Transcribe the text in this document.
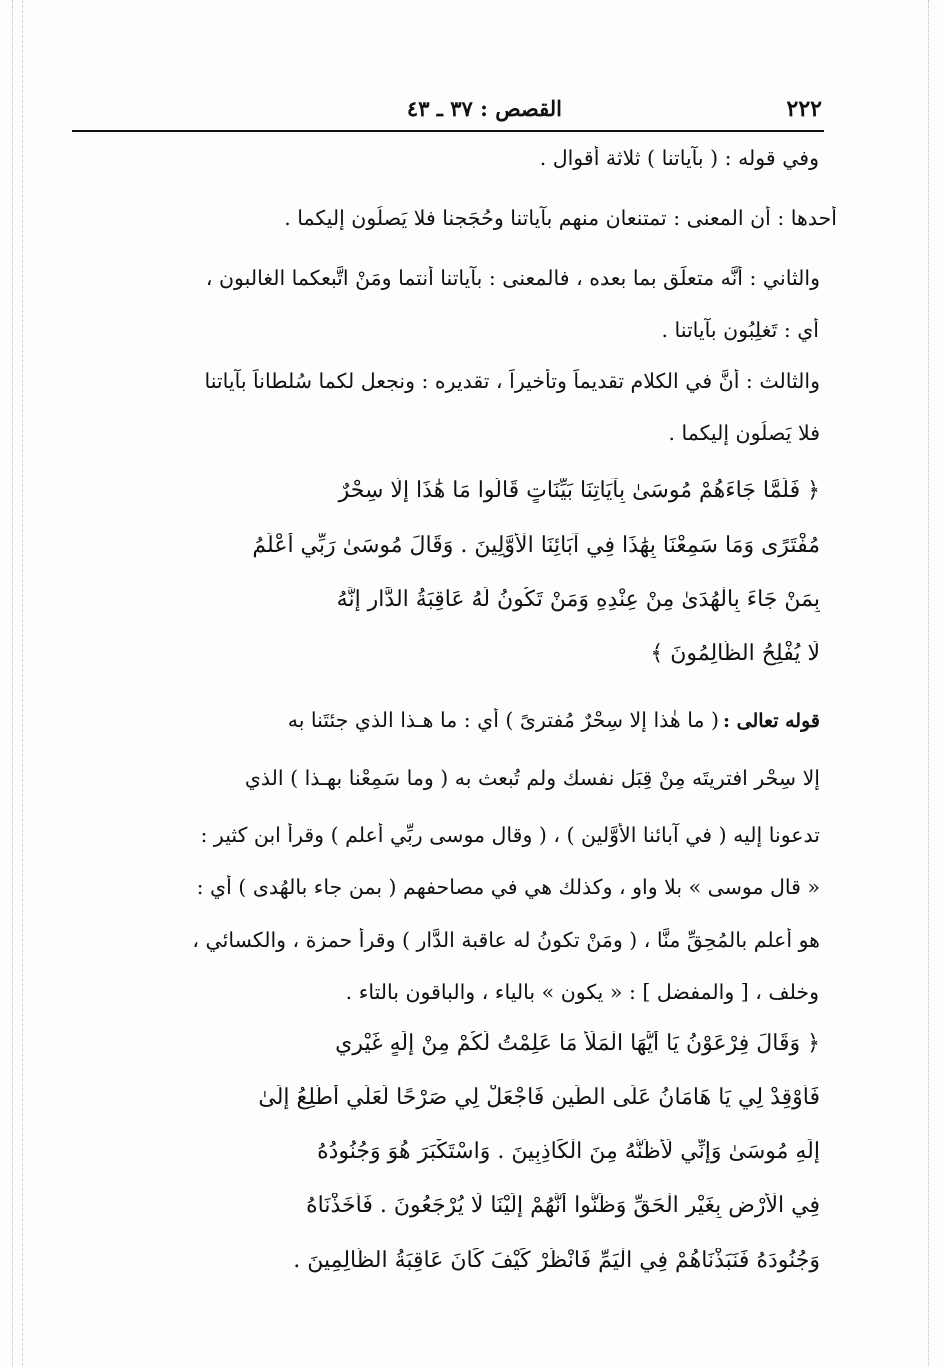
٢٢٢
القصص : ٣٧ ـ ٤٣
وفي قوله : ( بآياتنا ) ثلاثة أقوال .
أحدها : أن المعنى : تمتنعان منهم بآياتنا وحُجَجنا فلا يَصلُون إليكما .
والثاني : أنَّه متعلِّق بما بعده ، فالمعنى : بآياتنا أنتما ومَنْ اتَّبعكما الغالبون ،
أي : تَغلِبُون بآياتنا .
والثالث : أنَّ في الكلام تقديماً وتأخيراً ، تقديره : ونجعل لكما سُلطاناً بآياتنا
فلا يَصلُون إليكما .
﴿ فَلَمَّا جَاءَهُمْ مُوسَىٰ بِآيَاتِنَا بَيِّنَاتٍ قَالُوا مَا هَٰذَا إِلَّا سِحْرٌ
مُفْتَرًى وَمَا سَمِعْنَا بِهَٰذَا فِي آبَائِنَا الْأَوَّلِينَ . وَقَالَ مُوسَىٰ رَبِّي أَعْلَمُ
بِمَنْ جَاءَ بِالْهُدَىٰ مِنْ عِنْدِهِ وَمَنْ تَكُونُ لَهُ عَاقِبَةُ الدَّارِ إِنَّهُ
لَا يُفْلِحُ الظَّالِمُونَ ﴾
قوله تعالى :( ما هٰذا إلا سِحْرٌ مُفترىً ) أي : ما هـذا الذي جئتَنا به
إلا سِحْر افتريتَه مِنْ قِبَل نفسك ولم تُبعث به ( وما سَمِعْنا بهـذا ) الذي
تدعونا إليه ( في آبائنا الأوَّلين ) ، ( وقال موسى ربِّي أعلم ) وقرأ ابن كثير :
« قال موسى » بلا واو ، وكذلك هي في مصاحفهم ( بمن جاء بالهُدى ) أي :
هو أعلم بالمُحِقِّ منَّا ، ( ومَنْ تكونُ له عاقبة الدَّار ) وقرأ حمزة ، والكسائي ،
وخلف ، [ والمفضل ] : « يكون » بالياء ، والباقون بالتاء .
﴿ وَقَالَ فِرْعَوْنُ يَا أَيُّهَا الْمَلَأُ مَا عَلِمْتُ لَكُمْ مِنْ إِلَٰهٍ غَيْرِي
فَأَوْقِدْ لِي يَا هَامَانُ عَلَى الطِّينِ فَاجْعَلْ لِي صَرْحًا لَعَلِّي أَطَّلِعُ إِلَىٰ
إِلَٰهِ مُوسَىٰ وَإِنِّي لَأَظُنُّهُ مِنَ الْكَاذِبِينَ . وَاسْتَكْبَرَ هُوَ وَجُنُودُهُ
فِي الْأَرْضِ بِغَيْرِ الْحَقِّ وَظَنُّوا أَنَّهُمْ إِلَيْنَا لَا يُرْجَعُونَ . فَأَخَذْنَاهُ
وَجُنُودَهُ فَنَبَذْنَاهُمْ فِي الْيَمِّ فَانْظُرْ كَيْفَ كَانَ عَاقِبَةُ الظَّالِمِينَ .
